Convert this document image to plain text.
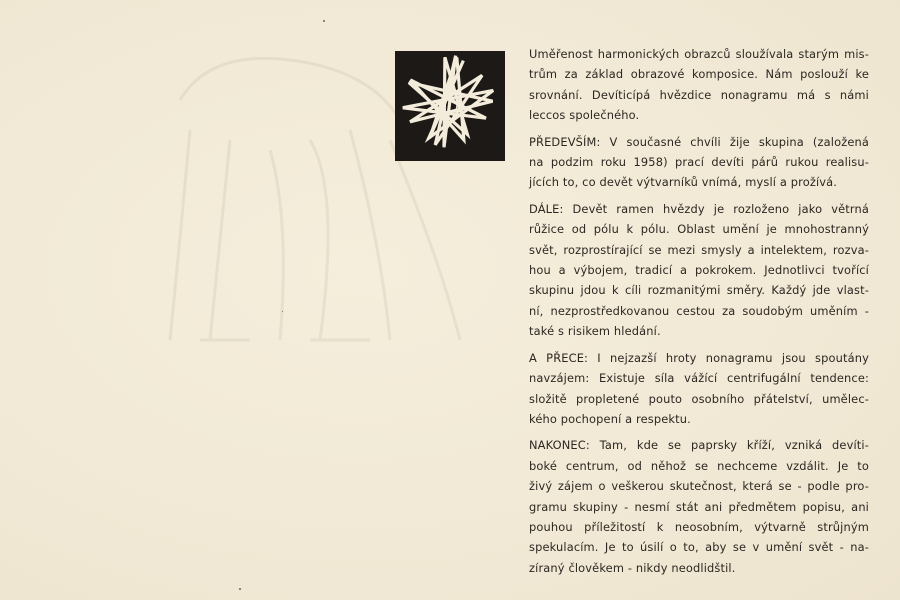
Uměřenost harmonických obrazců sloužívala starým mis-
trům za základ obrazové komposice. Nám poslouží ke
srovnání. Devíticípá hvězdice nonagramu má s námi
leccos společného.

PŘEDEVŠÍM: V současné chvíli žije skupina (založená
na podzim roku 1958) prací devíti párů rukou realisu-
jících to, co devět výtvarníků vnímá, myslí a prožívá.

DÁLE: Devět ramen hvězdy je rozloženo jako větrná
růžice od pólu k pólu. Oblast umění je mnohostranný
svět, rozprostírající se mezi smysly a intelektem, rozva-
hou a výbojem, tradicí a pokrokem. Jednotlivci tvořící
skupinu jdou k cíli rozmanitými směry. Každý jde vlast-
ní, nezprostředkovanou cestou za soudobým uměním -
také s risikem hledání.

A PŘECE: I nejzazší hroty nonagramu jsou spoutány
navzájem: Existuje síla vážící centrifugální tendence:
složitě propletené pouto osobního přátelství, umělec-
kého pochopení a respektu.

NAKONEC: Tam, kde se paprsky kříží, vzniká devíti-
boké centrum, od něhož se nechceme vzdálit. Je to
živý zájem o veškerou skutečnost, která se - podle pro-
gramu skupiny - nesmí stát ani předmětem popisu, ani
pouhou příležitostí k neosobním, výtvarně strůjným
spekulacím. Je to úsilí o to, aby se v umění svět - na-
zíraný člověkem - nikdy neodlidštil.
